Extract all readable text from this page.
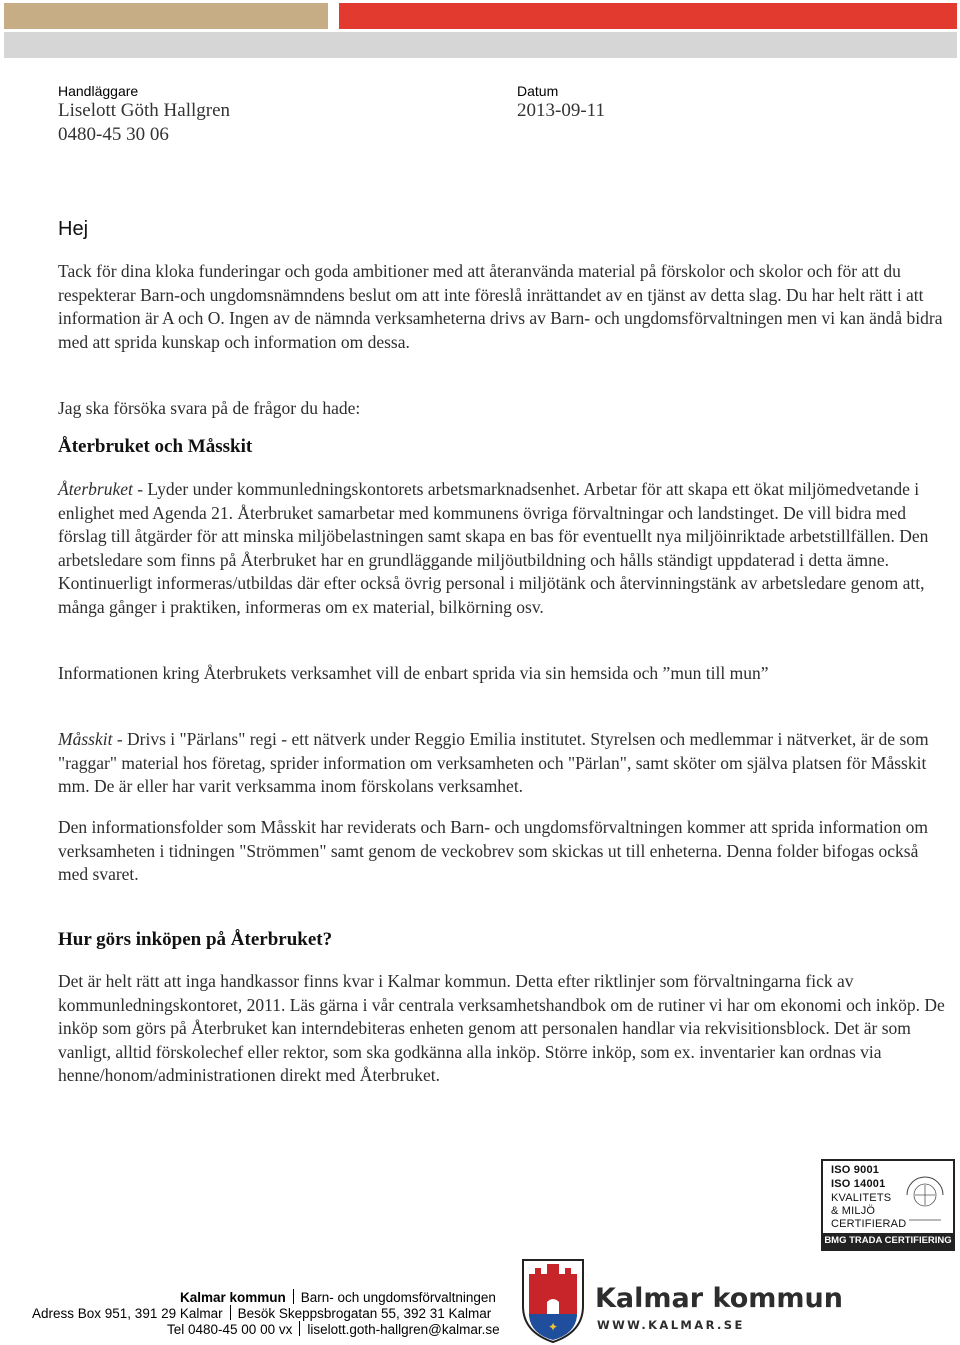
Handläggare
Liselott Göth Hallgren
0480-45 30 06
Datum
2013-09-11
Hej

Tack för dina kloka funderingar och goda ambitioner med att återanvända material på förskolor och skolor och för att du respekterar Barn-och ungdomsnämndens beslut om att inte föreslå inrättandet av en tjänst av detta slag. Du har helt rätt i att information är A och O. Ingen av de nämnda verksamheterna drivs av Barn- och ungdomsförvaltningen men vi kan ändå bidra med att sprida kunskap och information om dessa.

Jag ska försöka svara på de frågor du hade:

Återbruket och Måsskit

Återbruket - Lyder under kommunledningskontorets arbetsmarknadsenhet. Arbetar för att skapa ett ökat miljömedvetande i enlighet med Agenda 21. Återbruket samarbetar med kommunens övriga förvaltningar och landstinget. De vill bidra med förslag till åtgärder för att minska miljöbelastningen samt skapa en bas för eventuellt nya miljöinriktade arbetstillfällen. Den arbetsledare som finns på Återbruket har en grundläggande miljöutbildning och hålls ständigt uppdaterad i detta ämne. Kontinuerligt informeras/utbildas där efter också övrig personal i miljötänk och återvinningstänk av arbetsledare genom att, många gånger i praktiken, informeras om ex material, bilkörning osv.

Informationen kring Återbrukets verksamhet vill de enbart sprida via sin hemsida och ”mun till mun”

Måsskit - Drivs i "Pärlans" regi - ett nätverk under Reggio Emilia institutet. Styrelsen och medlemmar i nätverket, är de som "raggar" material hos företag, sprider information om verksamheten och "Pärlan", samt sköter om själva platsen för Måsskit mm. De är eller har varit verksamma inom förskolans verksamhet.

Den informationsfolder som Måsskit har reviderats och Barn- och ungdomsförvaltningen kommer att sprida information om verksamheten i tidningen "Strömmen" samt genom de veckobrev som skickas ut till enheterna. Denna folder bifogas också med svaret.

Hur görs inköpen på Återbruket?

Det är helt rätt att inga handkassor finns kvar i Kalmar kommun. Detta efter riktlinjer som förvaltningarna fick av kommunledningskontoret, 2011. Läs gärna i vår centrala verksamhetshandbok om de rutiner vi har om ekonomi och inköp. De inköp som görs på Återbruket kan interndebiteras enheten genom att personalen handlar via rekvisitionsblock. Det är som vanligt, alltid förskolechef eller rektor, som ska godkänna alla inköp. Större inköp, som ex. inventarier kan ordnas via henne/honom/administrationen direkt med Återbruket.

ISO 9001
ISO 14001
KVALITETS
& MILJÖ
CERTIFIERAD
BMG TRADA CERTIFIERING
Kalmar kommun Barn- och ungdomsförvaltningen
Adress Box 951, 391 29 Kalmar Besök Skeppsbrogatan 55, 392 31 Kalmar
Tel 0480-45 00 00 vx liselott.goth-hallgren@kalmar.se	✦
Kalmar kommun
WWW.KALMAR.SE
